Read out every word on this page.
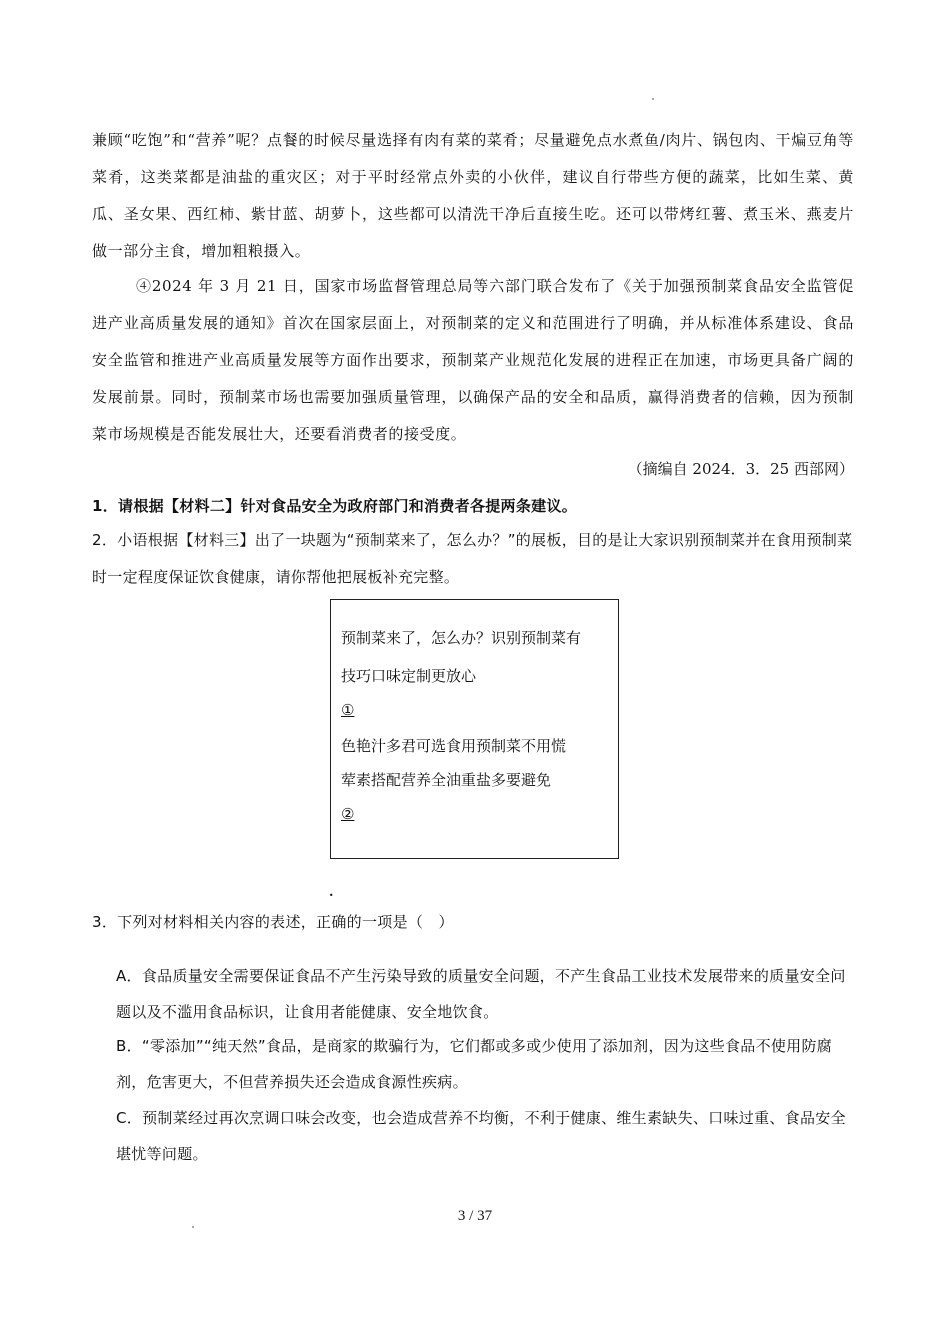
兼顾“吃饱”和“营养”呢？点餐的时候尽量选择有肉有菜的菜肴；尽量避免点水煮鱼/肉片、锅包肉、干煸豆角等菜肴，这类菜都是油盐的重灾区；对于平时经常点外卖的小伙伴，建议自行带些方便的蔬菜，比如生菜、黄瓜、圣女果、西红柿、紫甘蓝、胡萝卜，这些都可以清洗干净后直接生吃。还可以带烤红薯、煮玉米、燕麦片做一部分主食，增加粗粮摄入。

④2024 年 3 月 21 日，国家市场监督管理总局等六部门联合发布了《关于加强预制菜食品安全监管促进产业高质量发展的通知》首次在国家层面上，对预制菜的定义和范围进行了明确，并从标准体系建设、食品安全监管和推进产业高质量发展等方面作出要求，预制菜产业规范化发展的进程正在加速，市场更具备广阔的发展前景。同时，预制菜市场也需要加强质量管理，以确保产品的安全和品质，赢得消费者的信赖，因为预制菜市场规模是否能发展壮大，还要看消费者的接受度。

（摘编自 2024．3．25 西部网）

1．请根据【材料二】针对食品安全为政府部门和消费者各提两条建议。

2．小语根据【材料三】出了一块题为“预制菜来了，怎么办？”的展板，目的是让大家识别预制菜并在食用预制菜时一定程度保证饮食健康，请你帮他把展板补充完整。

预制菜来了，怎么办？识别预制菜有
技巧口味定制更放心
①
色艳汁多君可选食用预制菜不用慌
荤素搭配营养全油重盐多要避免
②

3．下列对材料相关内容的表述，正确的一项是（　）

A．食品质量安全需要保证食品不产生污染导致的质量安全问题，不产生食品工业技术发展带来的质量安全问题以及不滥用食品标识，让食用者能健康、安全地饮食。

B．“零添加”“纯天然”食品，是商家的欺骗行为，它们都或多或少使用了添加剂，因为这些食品不使用防腐剂，危害更大，不但营养损失还会造成食源性疾病。

C．预制菜经过再次烹调口味会改变，也会造成营养不均衡，不利于健康、维生素缺失、口味过重、食品安全堪忧等问题。

3 / 37
